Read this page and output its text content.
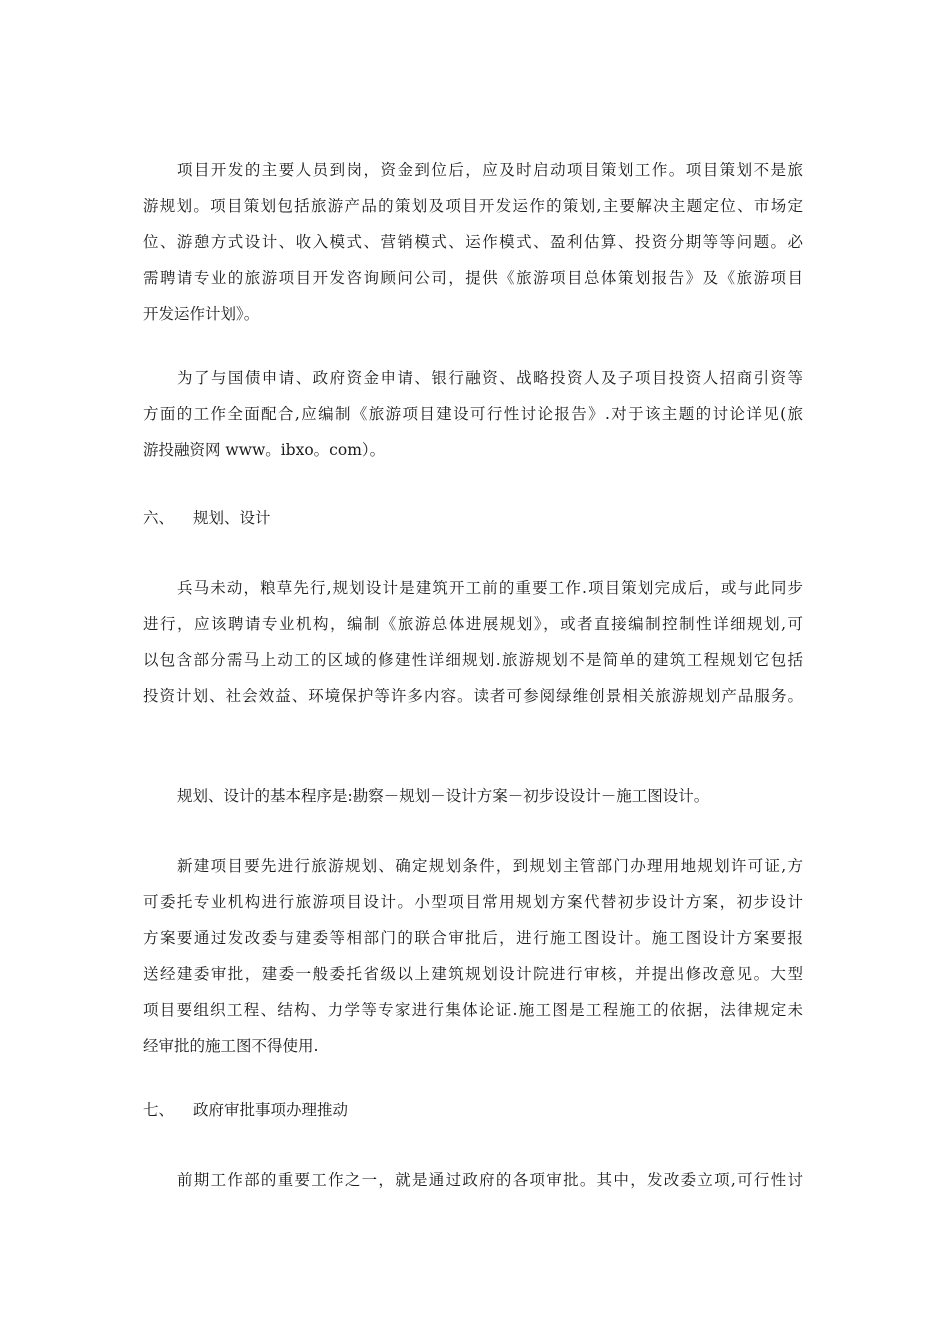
项目开发的主要人员到岗，资金到位后，应及时启动项目策划工作。项目策划不是旅
游规划。项目策划包括旅游产品的策划及项目开发运作的策划,主要解决主题定位、市场定
位、游憩方式设计、收入模式、营销模式、运作模式、盈利估算、投资分期等等问题。必
需聘请专业的旅游项目开发咨询顾问公司，提供《旅游项目总体策划报告》及《旅游项目
开发运作计划》。
为了与国债申请、政府资金申请、银行融资、战略投资人及子项目投资人招商引资等
方面的工作全面配合,应编制《旅游项目建设可行性讨论报告》.对于该主题的讨论详见(旅
游投融资网 www。ibxo。com）。
六、 规划、设计
兵马未动，粮草先行,规划设计是建筑开工前的重要工作.项目策划完成后，或与此同步
进行，应该聘请专业机构，编制《旅游总体进展规划》，或者直接编制控制性详细规划,可
以包含部分需马上动工的区域的修建性详细规划.旅游规划不是简单的建筑工程规划它包括
投资计划、社会效益、环境保护等许多内容。读者可参阅绿维创景相关旅游规划产品服务。
规划、设计的基本程序是:勘察－规划－设计方案－初步设设计－施工图设计。
新建项目要先进行旅游规划、确定规划条件，到规划主管部门办理用地规划许可证,方
可委托专业机构进行旅游项目设计。小型项目常用规划方案代替初步设计方案，初步设计
方案要通过发改委与建委等相部门的联合审批后，进行施工图设计。施工图设计方案要报
送经建委审批，建委一般委托省级以上建筑规划设计院进行审核，并提出修改意见。大型
项目要组织工程、结构、力学等专家进行集体论证.施工图是工程施工的依据，法律规定未
经审批的施工图不得使用.
七、 政府审批事项办理推动
前期工作部的重要工作之一，就是通过政府的各项审批。其中，发改委立项,可行性讨
